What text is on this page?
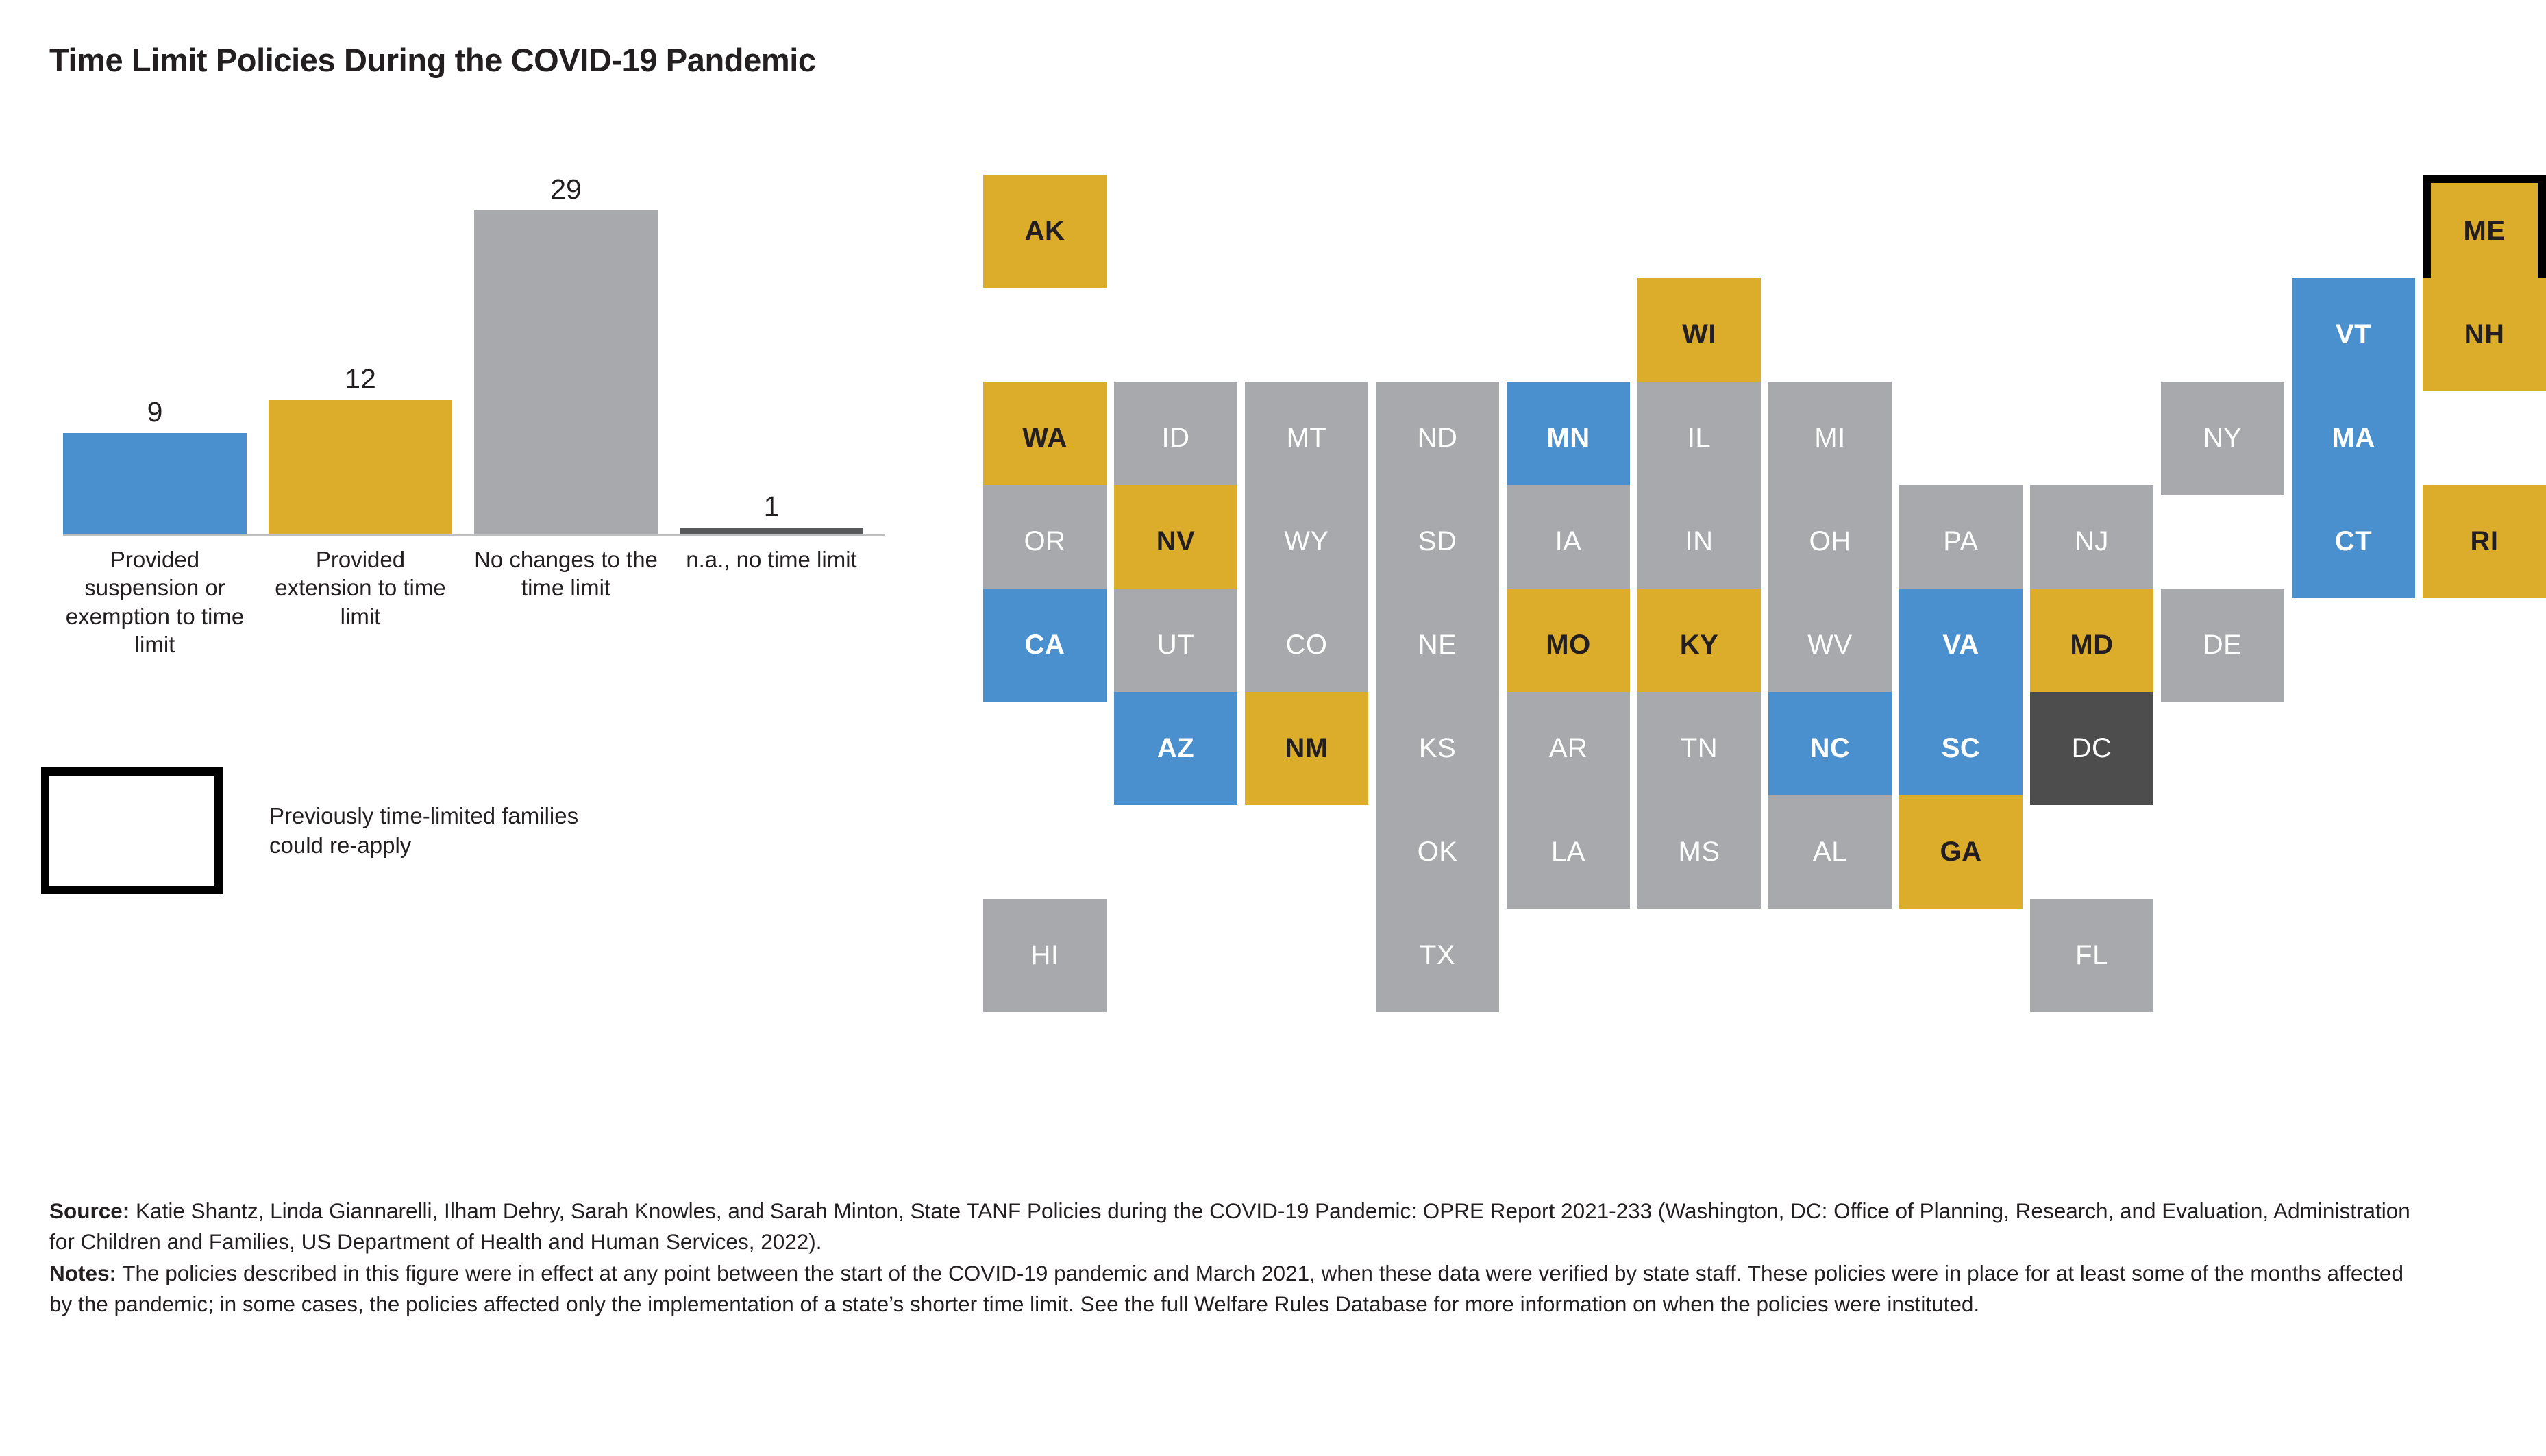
Time Limit Policies During the COVID-19 Pandemic
9
12
29
1
Provided suspension or exemption to time limit
Provided extension to time limit
No changes to the time limit
n.a., no time limit
Previously time-limited families could re-apply
AK	ME
WI	VT	NH
WA	ID	MT	ND	MN	IL	MI	NY	MA
OR	NV	WY	SD	IA	IN	OH	PA	NJ	CT	RI
CA	UT	CO	NE	MO	KY	WV	VA	MD	DE
AZ	NM	KS	AR	TN	NC	SC	DC
OK	LA	MS	AL	GA
HI	TX	FL

Source: Katie Shantz, Linda Giannarelli, Ilham Dehry, Sarah Knowles, and Sarah Minton, State TANF Policies during the COVID-19 Pandemic: OPRE Report 2021-233 (Washington, DC: Office of Planning, Research, and Evaluation, Administration for Children and Families, US Department of Health and Human Services, 2022).

Notes: The policies described in this figure were in effect at any point between the start of the COVID-19 pandemic and March 2021, when these data were verified by state staff. These policies were in place for at least some of the months affected by the pandemic; in some cases, the policies affected only the implementation of a state’s shorter time limit. See the full Welfare Rules Database for more information on when the policies were instituted.
